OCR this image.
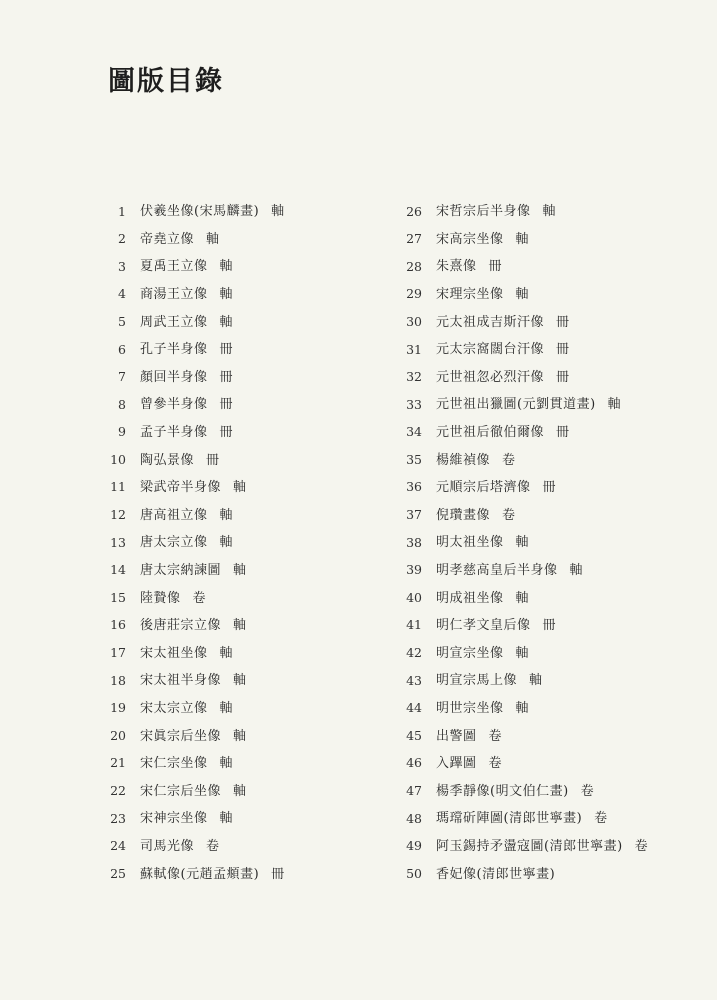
圖版目錄
1 伏羲坐像(宋馬麟畫) 軸
2 帝堯立像 軸
3 夏禹王立像 軸
4 商湯王立像 軸
5 周武王立像 軸
6 孔子半身像 冊
7 顏回半身像 冊
8 曾參半身像 冊
9 孟子半身像 冊
10 陶弘景像 冊
11 梁武帝半身像 軸
12 唐高祖立像 軸
13 唐太宗立像 軸
14 唐太宗納諫圖 軸
15 陸贄像 卷
16 後唐莊宗立像 軸
17 宋太祖坐像 軸
18 宋太祖半身像 軸
19 宋太宗立像 軸
20 宋眞宗后坐像 軸
21 宋仁宗坐像 軸
22 宋仁宗后坐像 軸
23 宋神宗坐像 軸
24 司馬光像 卷
25 蘇軾像(元趙孟頫畫) 冊
26 宋哲宗后半身像 軸
27 宋高宗坐像 軸
28 朱熹像 冊
29 宋理宗坐像 軸
30 元太祖成吉斯汗像 冊
31 元太宗窩闊台汗像 冊
32 元世祖忽必烈汗像 冊
33 元世祖出獵圖(元劉貫道畫) 軸
34 元世祖后徹伯爾像 冊
35 楊維禎像 卷
36 元順宗后塔濟像 冊
37 倪瓚畫像 卷
38 明太祖坐像 軸
39 明孝慈高皇后半身像 軸
40 明成祖坐像 軸
41 明仁孝文皇后像 冊
42 明宣宗坐像 軸
43 明宣宗馬上像 軸
44 明世宗坐像 軸
45 出警圖 卷
46 入蹕圖 卷
47 楊季靜像(明文伯仁畫) 卷
48 瑪瑺斫陣圖(清郎世寧畫) 卷
49 阿玉錫持矛盪寇圖(清郎世寧畫) 卷
50 香妃像(清郎世寧畫)
